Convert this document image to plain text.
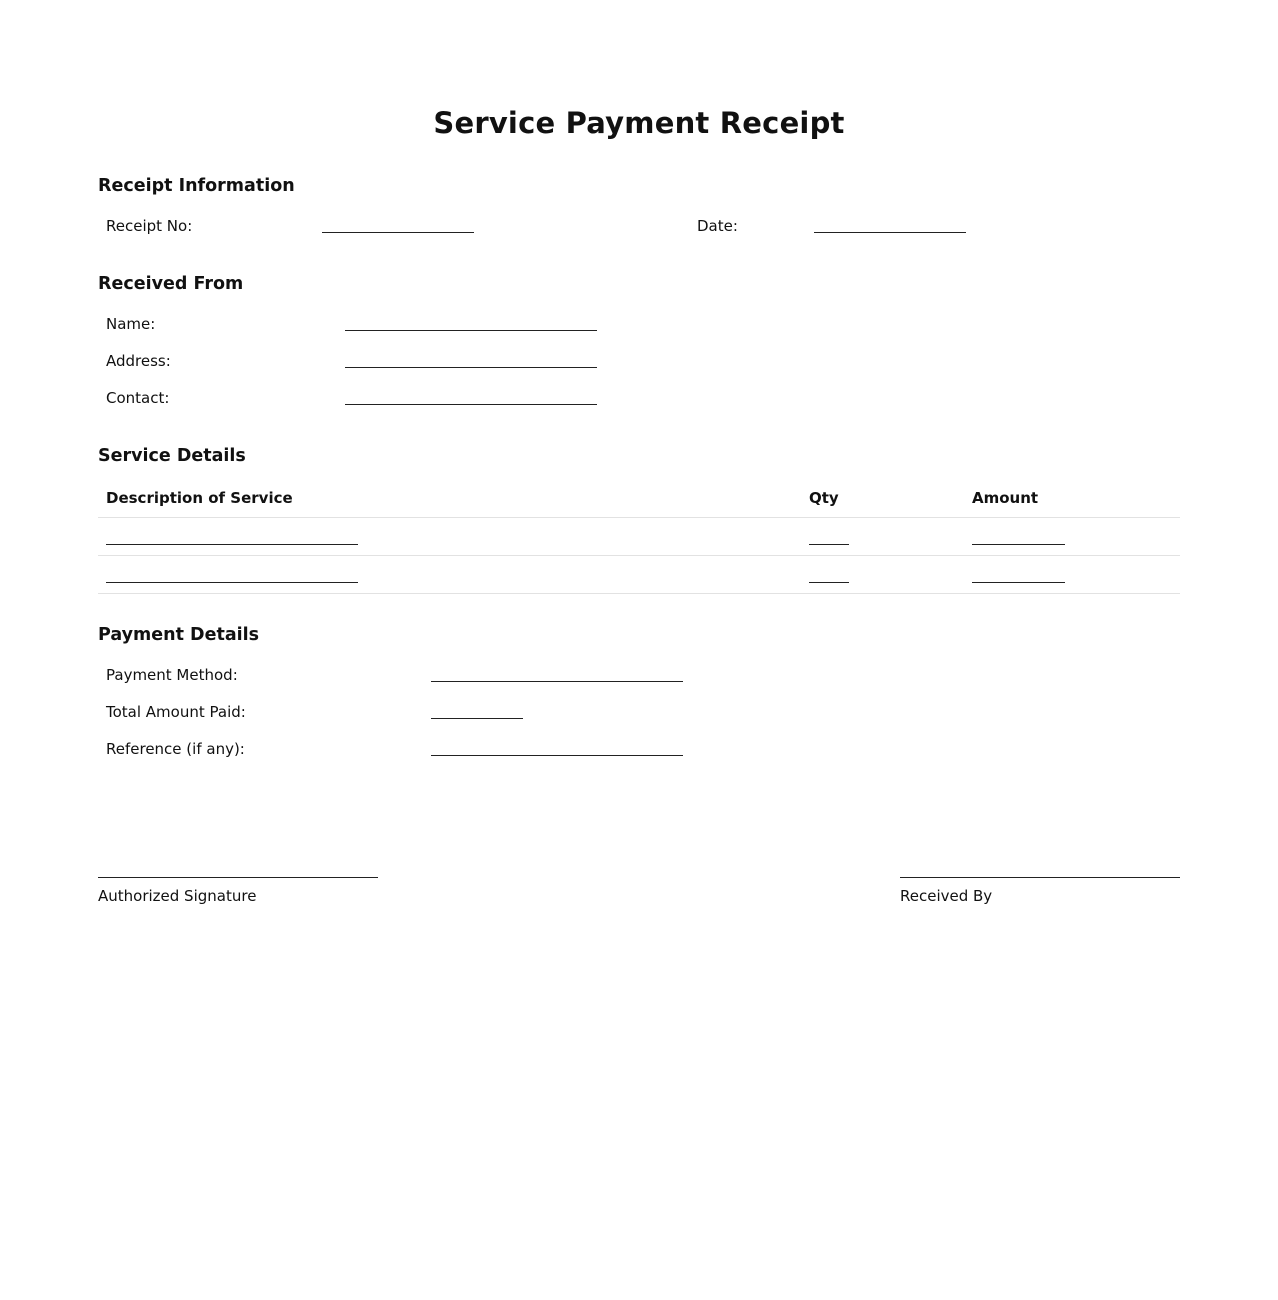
Service Payment Receipt
Receipt Information
Receipt No:	Date:
Received From
Name:
Address:
Contact:
Service Details
Description of Service	Qty	Amount
Payment Details
Payment Method:
Total Amount Paid:
Reference (if any):
Authorized Signature	Received By
